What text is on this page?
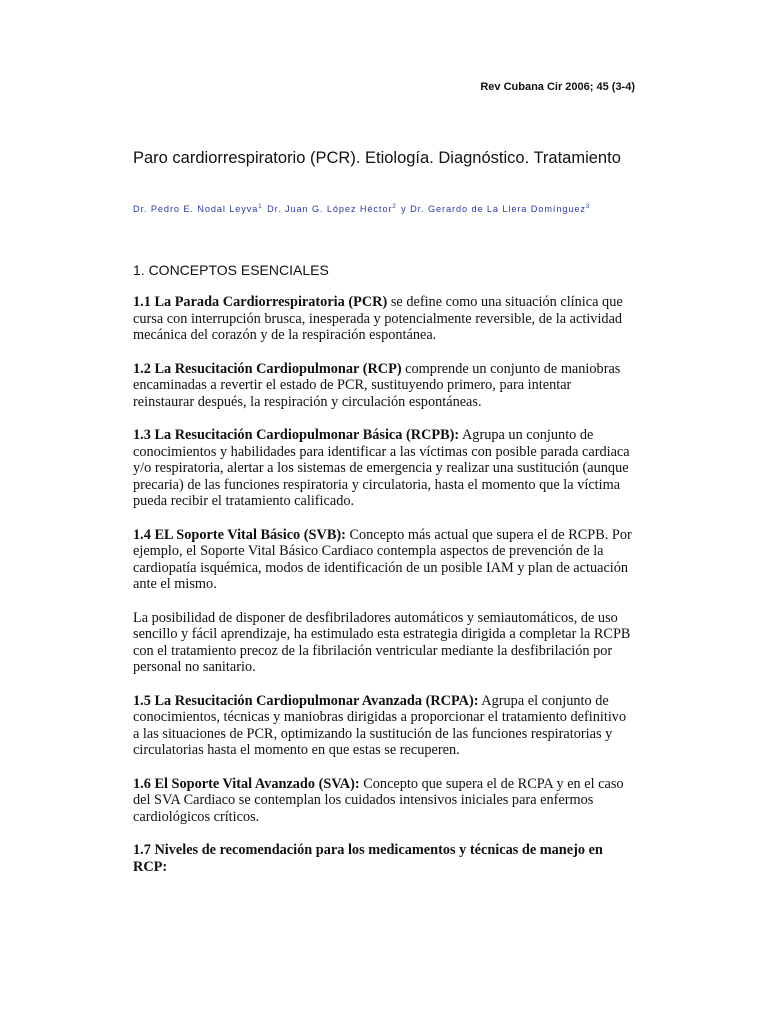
Rev Cubana Cir 2006; 45 (3-4)
Paro cardiorrespiratorio (PCR). Etiología. Diagnóstico. Tratamiento
Dr. Pedro E. Nodal Leyva$^1$ Dr. Juan G. López Héctor$^2$ y Dr. Gerardo de La Llera Domínguez$^3$
1. CONCEPTOS ESENCIALES

1.1 La Parada Cardiorrespiratoria (PCR) se define como una situación clínica que cursa con interrupción brusca, inesperada y potencialmente reversible, de la actividad mecánica del corazón y de la respiración espontánea.

1.2 La Resucitación Cardiopulmonar (RCP) comprende un conjunto de maniobras encaminadas a revertir el estado de PCR, sustituyendo primero, para intentar reinstaurar después, la respiración y circulación espontáneas.

1.3 La Resucitación Cardiopulmonar Básica (RCPB): Agrupa un conjunto de conocimientos y habilidades para identificar a las víctimas con posible parada cardiaca y/o respiratoria, alertar a los sistemas de emergencia y realizar una sustitución (aunque precaria) de las funciones respiratoria y circulatoria, hasta el momento que la víctima pueda recibir el tratamiento calificado.

1.4 EL Soporte Vital Básico (SVB): Concepto más actual que supera el de RCPB. Por ejemplo, el Soporte Vital Básico Cardiaco contempla aspectos de prevención de la cardiopatía isquémica, modos de identificación de un posible IAM y plan de actuación ante el mismo.

La posibilidad de disponer de desfibriladores automáticos y semiautomáticos, de uso sencillo y fácil aprendizaje, ha estimulado esta estrategia dirigida a completar la RCPB con el tratamiento precoz de la fibrilación ventricular mediante la desfibrilación por personal no sanitario.

1.5 La Resucitación Cardiopulmonar Avanzada (RCPA): Agrupa el conjunto de conocimientos, técnicas y maniobras dirigidas a proporcionar el tratamiento definitivo a las situaciones de PCR, optimizando la sustitución de las funciones respiratorias y circulatorias hasta el momento en que estas se recuperen.

1.6 El Soporte Vital Avanzado (SVA): Concepto que supera el de RCPA y en el caso del SVA Cardiaco se contemplan los cuidados intensivos iniciales para enfermos cardiológicos críticos.

1.7 Niveles de recomendación para los medicamentos y técnicas de manejo en RCP:
